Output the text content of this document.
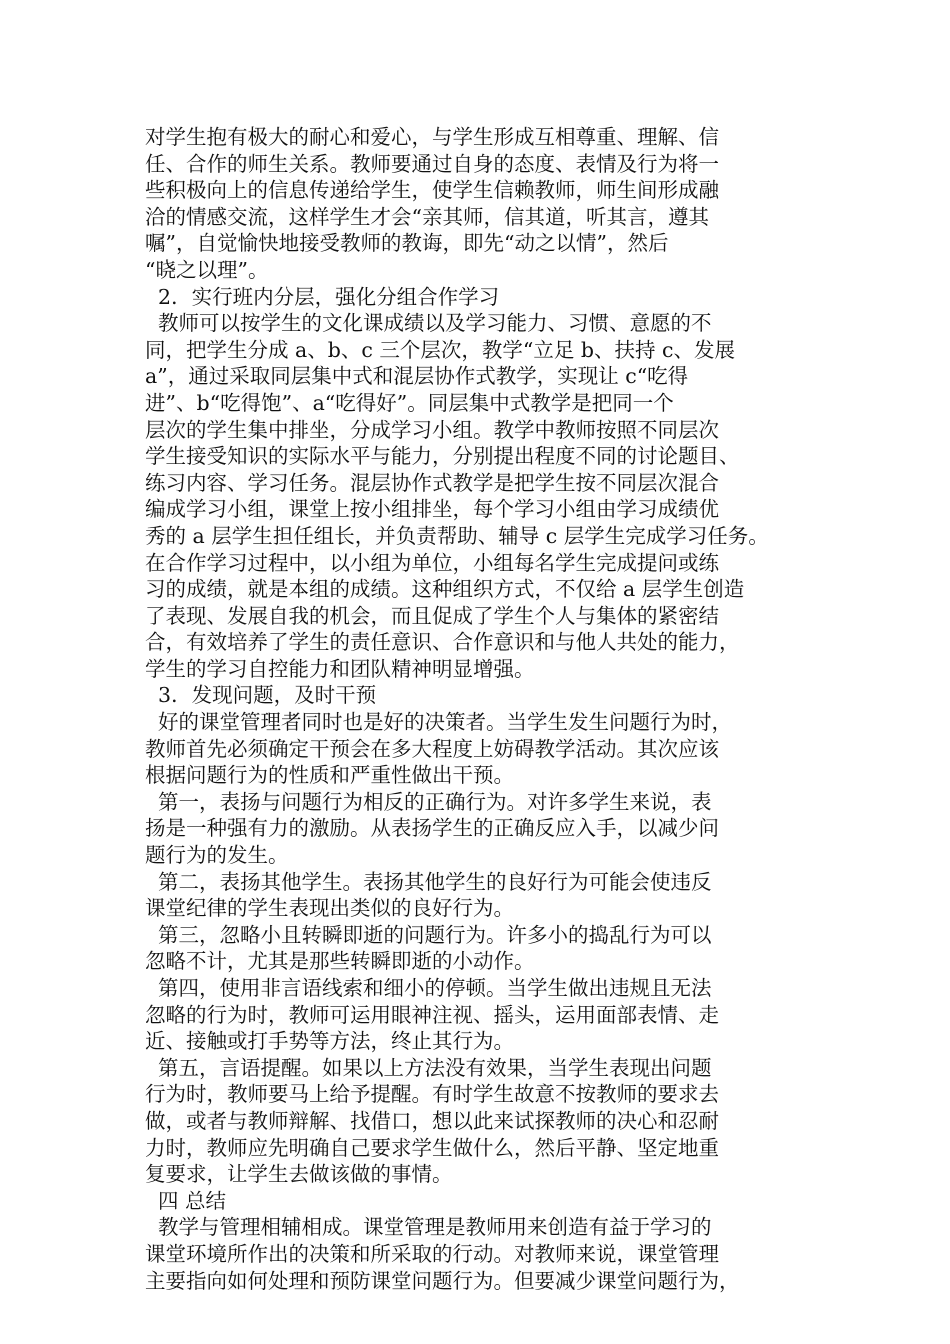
对学生抱有极大的耐心和爱心，与学生形成互相尊重、理解、信
任、合作的师生关系。教师要通过自身的态度、表情及行为将一
些积极向上的信息传递给学生，使学生信赖教师，师生间形成融
洽的情感交流，这样学生才会“亲其师，信其道，听其言，遵其
嘱”，自觉愉快地接受教师的教诲，即先“动之以情”，然后
“晓之以理”。
2．实行班内分层，强化分组合作学习
教师可以按学生的文化课成绩以及学习能力、习惯、意愿的不
同，把学生分成 a、b、c 三个层次，教学“立足 b、扶持 c、发展
a”，通过采取同层集中式和混层协作式教学，实现让 c“吃得
进”、b“吃得饱”、a“吃得好”。同层集中式教学是把同一个
层次的学生集中排坐，分成学习小组。教学中教师按照不同层次
学生接受知识的实际水平与能力，分别提出程度不同的讨论题目、
练习内容、学习任务。混层协作式教学是把学生按不同层次混合
编成学习小组，课堂上按小组排坐，每个学习小组由学习成绩优
秀的 a 层学生担任组长，并负责帮助、辅导 c 层学生完成学习任务。
在合作学习过程中，以小组为单位，小组每名学生完成提问或练
习的成绩，就是本组的成绩。这种组织方式，不仅给 a 层学生创造
了表现、发展自我的机会，而且促成了学生个人与集体的紧密结
合，有效培养了学生的责任意识、合作意识和与他人共处的能力，
学生的学习自控能力和团队精神明显增强。
3．发现问题，及时干预
好的课堂管理者同时也是好的决策者。当学生发生问题行为时，
教师首先必须确定干预会在多大程度上妨碍教学活动。其次应该
根据问题行为的性质和严重性做出干预。
第一，表扬与问题行为相反的正确行为。对许多学生来说，表
扬是一种强有力的激励。从表扬学生的正确反应入手，以减少问
题行为的发生。
第二，表扬其他学生。表扬其他学生的良好行为可能会使违反
课堂纪律的学生表现出类似的良好行为。
第三，忽略小且转瞬即逝的问题行为。许多小的捣乱行为可以
忽略不计，尤其是那些转瞬即逝的小动作。
第四，使用非言语线索和细小的停顿。当学生做出违规且无法
忽略的行为时，教师可运用眼神注视、摇头，运用面部表情、走
近、接触或打手势等方法，终止其行为。
第五，言语提醒。如果以上方法没有效果，当学生表现出问题
行为时，教师要马上给予提醒。有时学生故意不按教师的要求去
做，或者与教师辩解、找借口，想以此来试探教师的决心和忍耐
力时，教师应先明确自己要求学生做什么，然后平静、坚定地重
复要求，让学生去做该做的事情。
四 总结
教学与管理相辅相成。课堂管理是教师用来创造有益于学习的
课堂环境所作出的决策和所采取的行动。对教师来说，课堂管理
主要指向如何处理和预防课堂问题行为。但要减少课堂问题行为，
